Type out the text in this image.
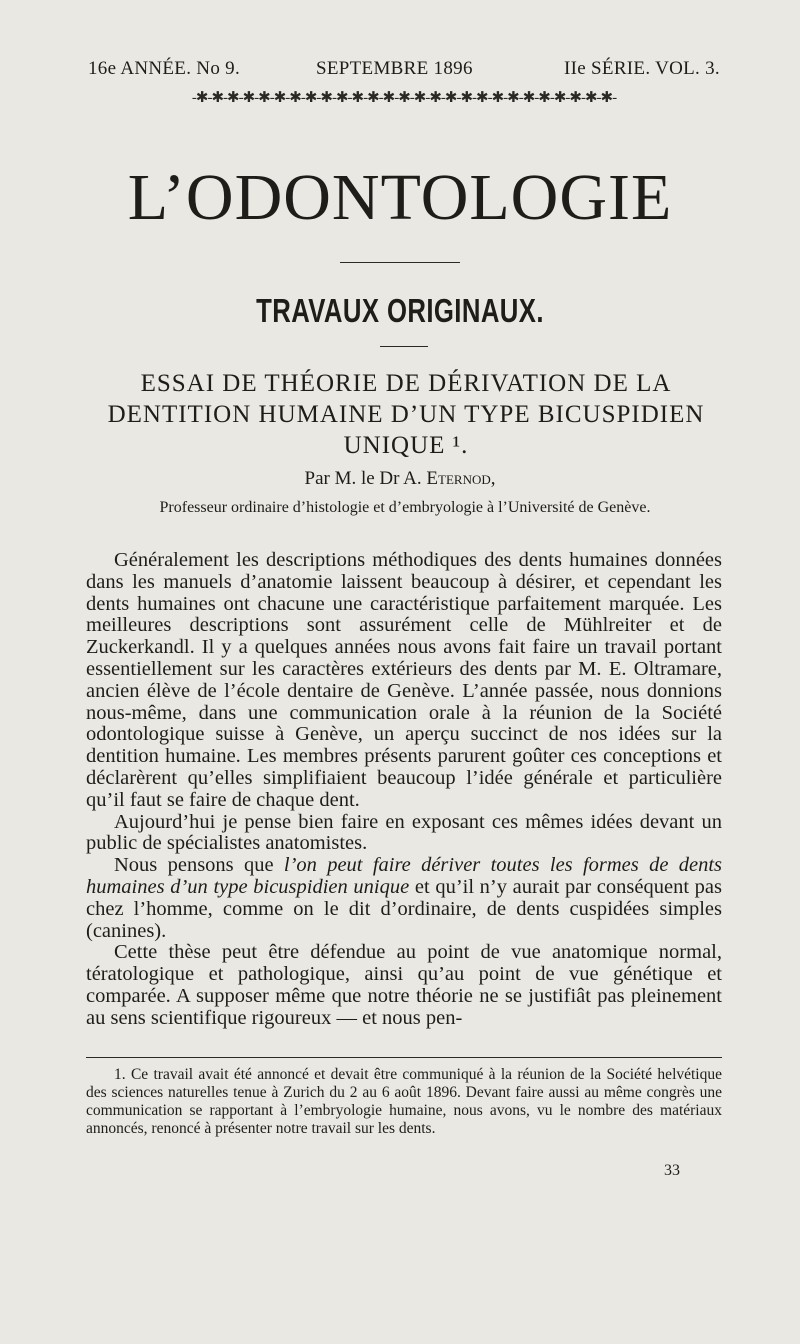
16e ANNÉE. No 9.	SEPTEMBRE 1896	IIe SÉRIE. VOL. 3.
-✱-✱-✱-✱-✱-✱-✱-✱-✱-✱-✱-✱-✱-✱-✱-✱-✱-✱-✱-✱-✱-✱-✱-✱-✱-✱-✱-
L’ODONTOLOGIE
TRAVAUX ORIGINAUX.
ESSAI DE THÉORIE DE DÉRIVATION DE LA DENTITION HUMAINE D’UN TYPE BICUSPIDIEN UNIQUE ¹.
Par M. le Dr A. Eternod,
Professeur ordinaire d’histologie et d’embryologie à l’Université de Genève.

Généralement les descriptions méthodiques des dents humaines données dans les manuels d’anatomie laissent beaucoup à désirer, et cependant les dents humaines ont chacune une caractéristique parfaitement marquée. Les meilleures descriptions sont assurément celle de Mühlreiter et de Zuckerkandl. Il y a quelques années nous avons fait faire un travail portant essentiellement sur les caractères extérieurs des dents par M. E. Oltramare, ancien élève de l’école dentaire de Genève. L’année passée, nous donnions nous-même, dans une communication orale à la réunion de la Société odontologique suisse à Genève, un aperçu succinct de nos idées sur la dentition humaine. Les membres présents parurent goûter ces conceptions et déclarèrent qu’elles simplifiaient beaucoup l’idée générale et particulière qu’il faut se faire de chaque dent.

Aujourd’hui je pense bien faire en exposant ces mêmes idées devant un public de spécialistes anatomistes.

Nous pensons que l’on peut faire dériver toutes les formes de dents humaines d’un type bicuspidien unique et qu’il n’y aurait par conséquent pas chez l’homme, comme on le dit d’ordinaire, de dents cuspidées simples (canines).

Cette thèse peut être défendue au point de vue anatomique normal, tératologique et pathologique, ainsi qu’au point de vue génétique et comparée. A supposer même que notre théorie ne se justifiât pas pleinement au sens scientifique rigoureux — et nous pen-

1. Ce travail avait été annoncé et devait être communiqué à la réunion de la Société helvétique des sciences naturelles tenue à Zurich du 2 au 6 août 1896. Devant faire aussi au même congrès une communication se rapportant à l’embryologie humaine, nous avons, vu le nombre des matériaux annoncés, renoncé à présenter notre travail sur les dents.

33
